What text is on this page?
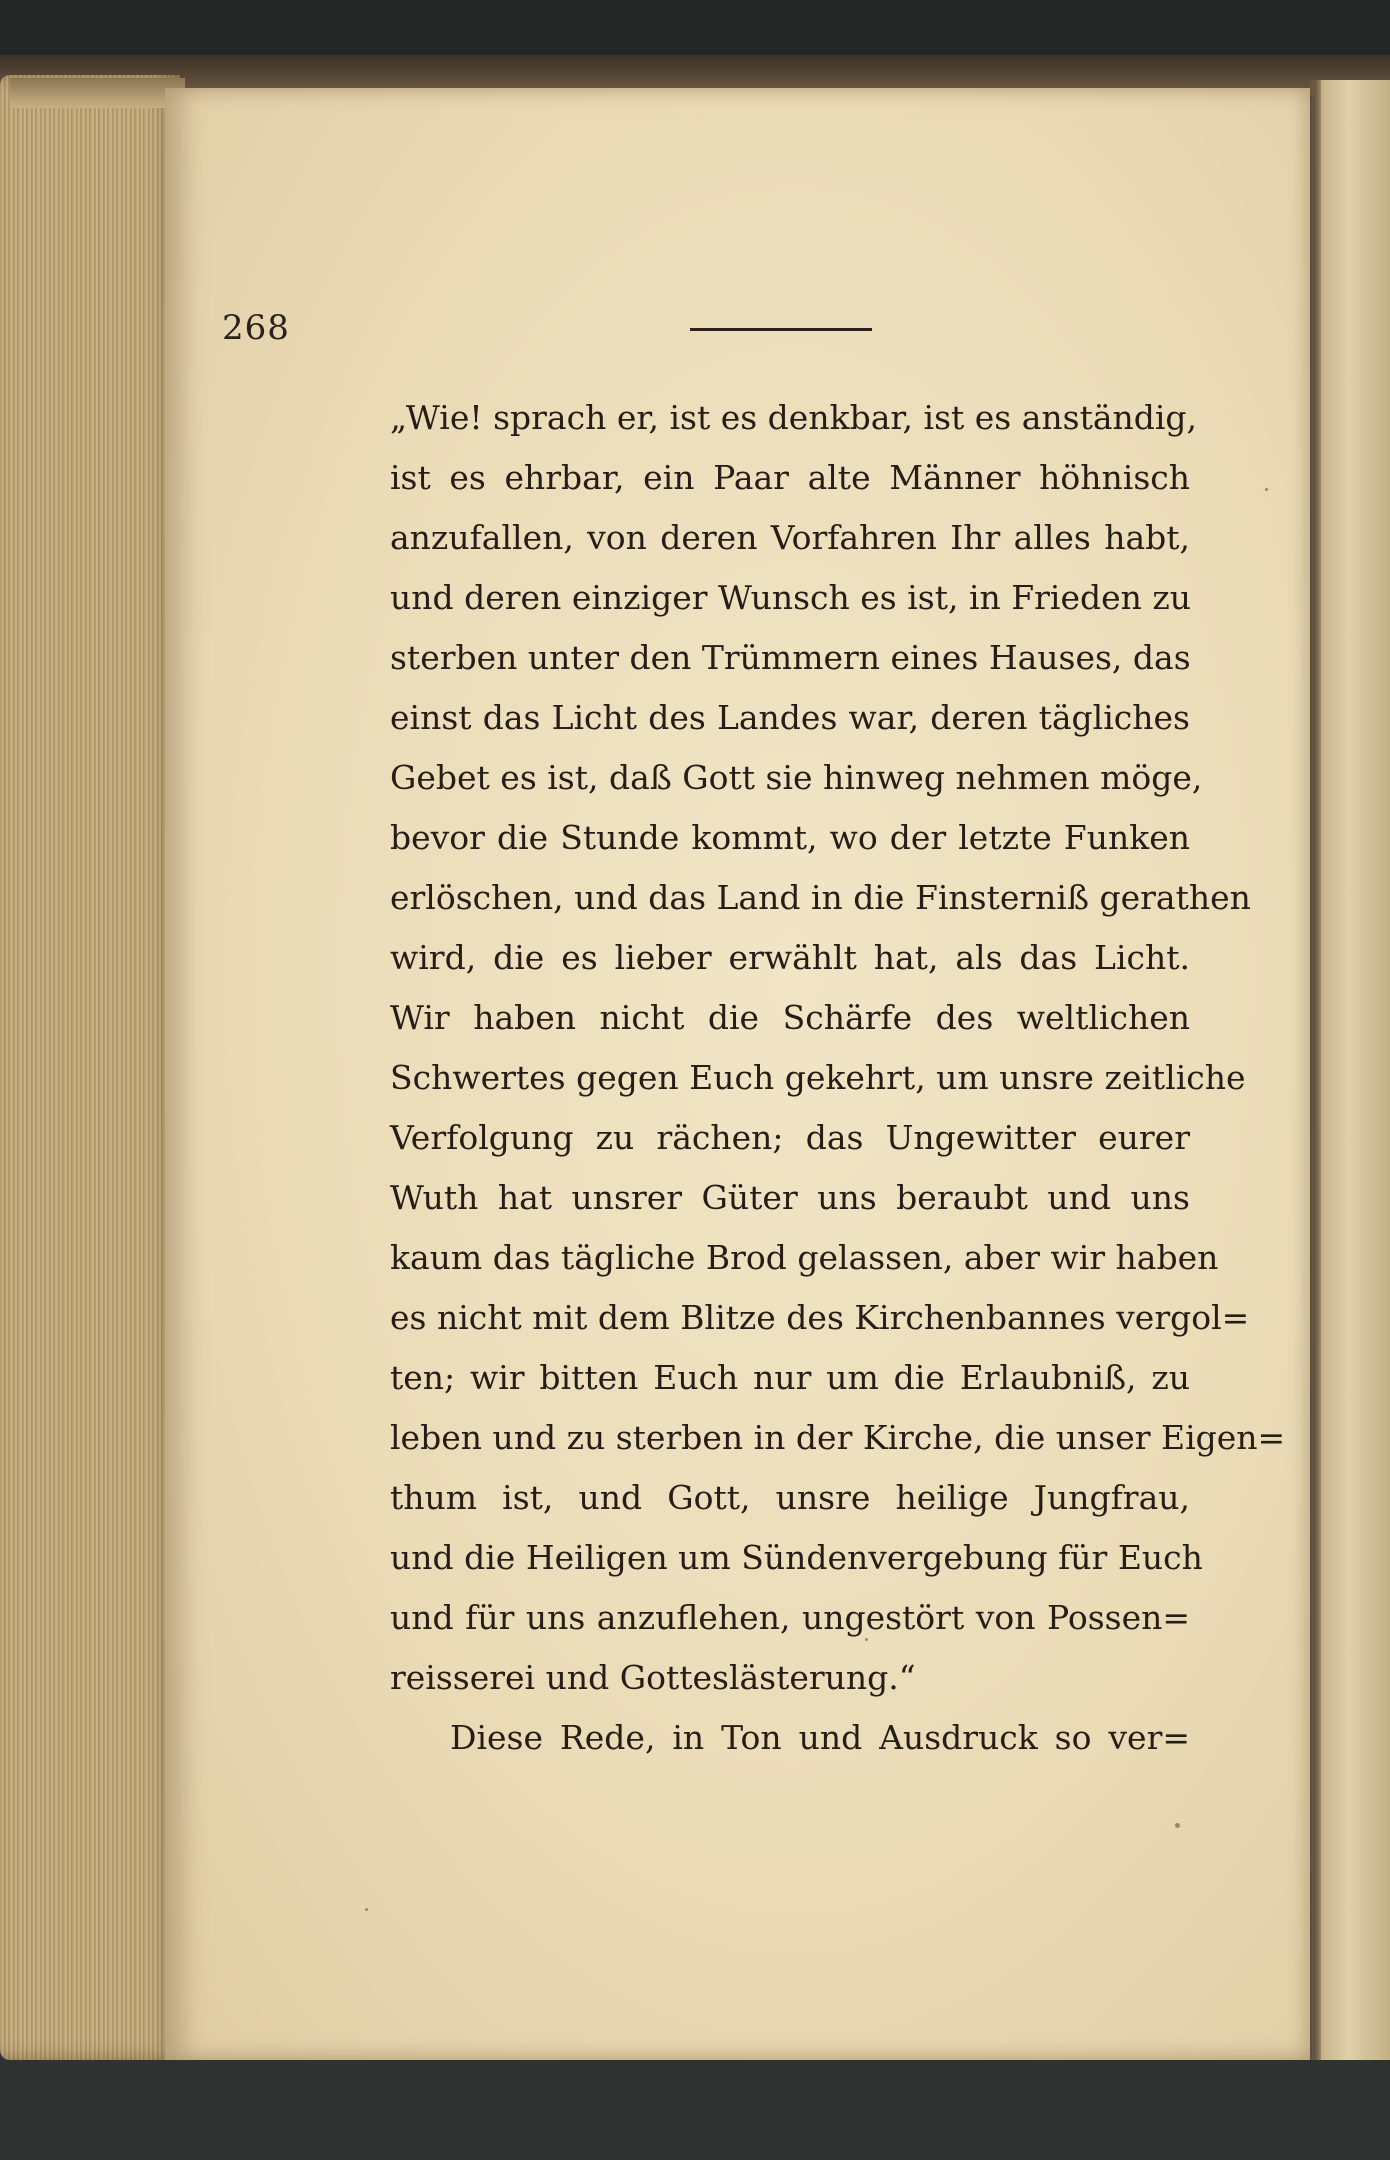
268
„Wie! sprach er, ist es denkbar, ist es anständig,
ist es ehrbar, ein Paar alte Männer höhnisch
anzufallen, von deren Vorfahren Ihr alles habt,
und deren einziger Wunsch es ist, in Frieden zu
sterben unter den Trümmern eines Hauses, das
einst das Licht des Landes war, deren tägliches
Gebet es ist, daß Gott sie hinweg nehmen möge,
bevor die Stunde kommt, wo der letzte Funken
erlöschen, und das Land in die Finsterniß gerathen
wird, die es lieber erwählt hat, als das Licht.
Wir haben nicht die Schärfe des weltlichen
Schwertes gegen Euch gekehrt, um unsre zeitliche
Verfolgung zu rächen; das Ungewitter eurer
Wuth hat unsrer Güter uns beraubt und uns
kaum das tägliche Brod gelassen, aber wir haben
es nicht mit dem Blitze des Kirchenbannes vergol=
ten; wir bitten Euch nur um die Erlaubniß, zu
leben und zu sterben in der Kirche, die unser Eigen=
thum ist, und Gott, unsre heilige Jungfrau,
und die Heiligen um Sündenvergebung für Euch
und für uns anzuflehen, ungestört von Possen=
reisserei und Gotteslästerung.“
Diese Rede, in Ton und Ausdruck so ver=
